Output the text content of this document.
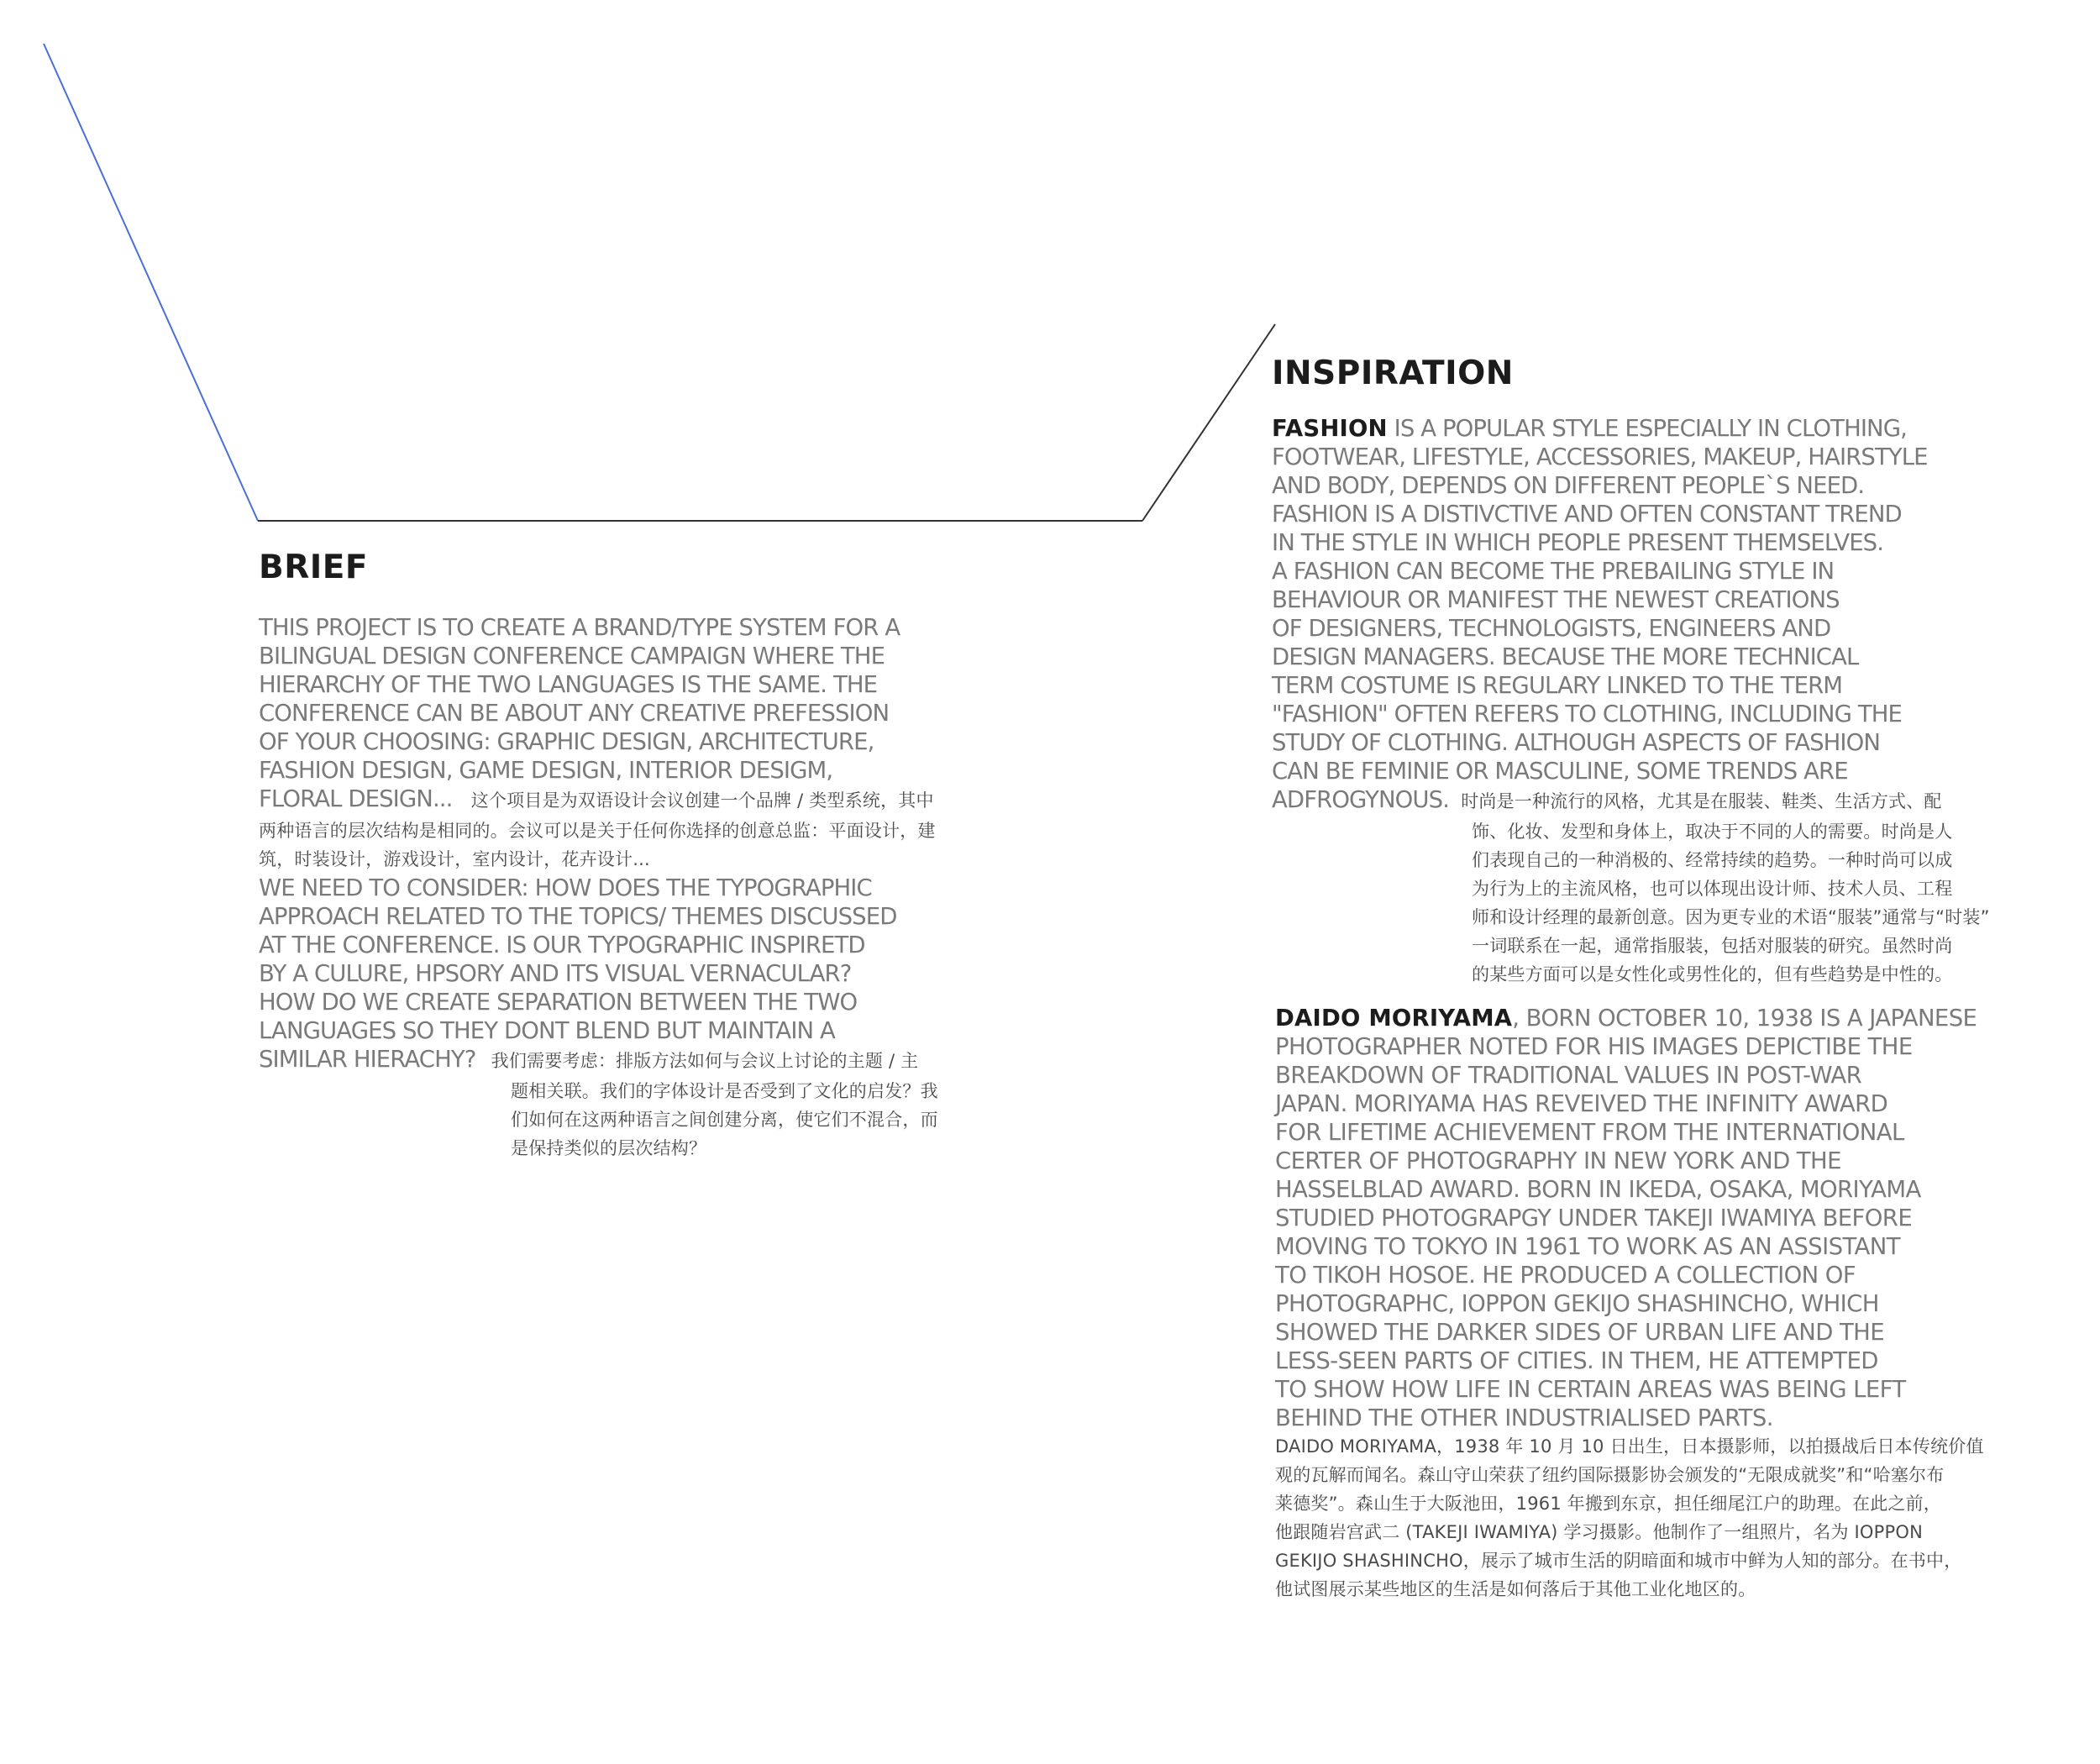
BRIEF
THIS PROJECT IS TO CREATE A BRAND/TYPE SYSTEM FOR A
BILINGUAL DESIGN CONFERENCE CAMPAIGN WHERE THE
HIERARCHY OF THE TWO LANGUAGES IS THE SAME. THE
CONFERENCE CAN BE ABOUT ANY CREATIVE PREFESSION
OF YOUR CHOOSING: GRAPHIC DESIGN, ARCHITECTURE,
FASHION DESIGN, GAME DESIGN, INTERIOR DESIGM,
FLORAL DESIGN... 这个项目是为双语设计会议创建一个品牌 / 类型系统，其中
两种语言的层次结构是相同的。会议可以是关于任何你选择的创意总监：平面设计，建
筑，时装设计，游戏设计，室内设计，花卉设计...
WE NEED TO CONSIDER: HOW DOES THE TYPOGRAPHIC
APPROACH RELATED TO THE TOPICS/ THEMES DISCUSSED
AT THE CONFERENCE. IS OUR TYPOGRAPHIC INSPIRETD
BY A CULURE, HPSORY AND ITS VISUAL VERNACULAR?
HOW DO WE CREATE SEPARATION BETWEEN THE TWO
LANGUAGES SO THEY DONT BLEND BUT MAINTAIN A
SIMILAR HIERACHY? 我们需要考虑：排版方法如何与会议上讨论的主题 / 主
题相关联。我们的字体设计是否受到了文化的启发？我
们如何在这两种语言之间创建分离，使它们不混合，而
是保持类似的层次结构？
INSPIRATION
FASHION IS A POPULAR STYLE ESPECIALLY IN CLOTHING,
FOOTWEAR, LIFESTYLE, ACCESSORIES, MAKEUP, HAIRSTYLE
AND BODY, DEPENDS ON DIFFERENT PEOPLE`S NEED.
FASHION IS A DISTIVCTIVE AND OFTEN CONSTANT TREND
IN THE STYLE IN WHICH PEOPLE PRESENT THEMSELVES.
A FASHION CAN BECOME THE PREBAILING STYLE IN
BEHAVIOUR OR MANIFEST THE NEWEST CREATIONS
OF DESIGNERS, TECHNOLOGISTS, ENGINEERS AND
DESIGN MANAGERS. BECAUSE THE MORE TECHNICAL
TERM COSTUME IS REGULARY LINKED TO THE TERM
"FASHION" OFTEN REFERS TO CLOTHING, INCLUDING THE
STUDY OF CLOTHING. ALTHOUGH ASPECTS OF FASHION
CAN BE FEMINIE OR MASCULINE, SOME TRENDS ARE
ADFROGYNOUS. 时尚是一种流行的风格，尤其是在服装、鞋类、生活方式、配
饰、化妆、发型和身体上，取决于不同的人的需要。时尚是人
们表现自己的一种消极的、经常持续的趋势。一种时尚可以成
为行为上的主流风格，也可以体现出设计师、技术人员、工程
师和设计经理的最新创意。因为更专业的术语“服装”通常与“时装”
一词联系在一起，通常指服装，包括对服装的研究。虽然时尚
的某些方面可以是女性化或男性化的，但有些趋势是中性的。
DAIDO MORIYAMA, BORN OCTOBER 10, 1938 IS A JAPANESE
PHOTOGRAPHER NOTED FOR HIS IMAGES DEPICTIBE THE
BREAKDOWN OF TRADITIONAL VALUES IN POST-WAR
JAPAN. MORIYAMA HAS REVEIVED THE INFINITY AWARD
FOR LIFETIME ACHIEVEMENT FROM THE INTERNATIONAL
CERTER OF PHOTOGRAPHY IN NEW YORK AND THE
HASSELBLAD AWARD. BORN IN IKEDA, OSAKA, MORIYAMA
STUDIED PHOTOGRAPGY UNDER TAKEJI IWAMIYA BEFORE
MOVING TO TOKYO IN 1961 TO WORK AS AN ASSISTANT
TO TIKOH HOSOE. HE PRODUCED A COLLECTION OF
PHOTOGRAPHC, IOPPON GEKIJO SHASHINCHO, WHICH
SHOWED THE DARKER SIDES OF URBAN LIFE AND THE
LESS-SEEN PARTS OF CITIES. IN THEM, HE ATTEMPTED
TO SHOW HOW LIFE IN CERTAIN AREAS WAS BEING LEFT
BEHIND THE OTHER INDUSTRIALISED PARTS.
DAIDO MORIYAMA，1938 年 10 月 10 日出生，日本摄影师，以拍摄战后日本传统价值
观的瓦解而闻名。森山守山荣获了纽约国际摄影协会颁发的“无限成就奖”和“哈塞尔布
莱德奖”。森山生于大阪池田，1961 年搬到东京，担任细尾江户的助理。在此之前，
他跟随岩宫武二 (TAKEJI IWAMIYA) 学习摄影。他制作了一组照片，名为 IOPPON
GEKIJO SHASHINCHO，展示了城市生活的阴暗面和城市中鲜为人知的部分。在书中，
他试图展示某些地区的生活是如何落后于其他工业化地区的。
